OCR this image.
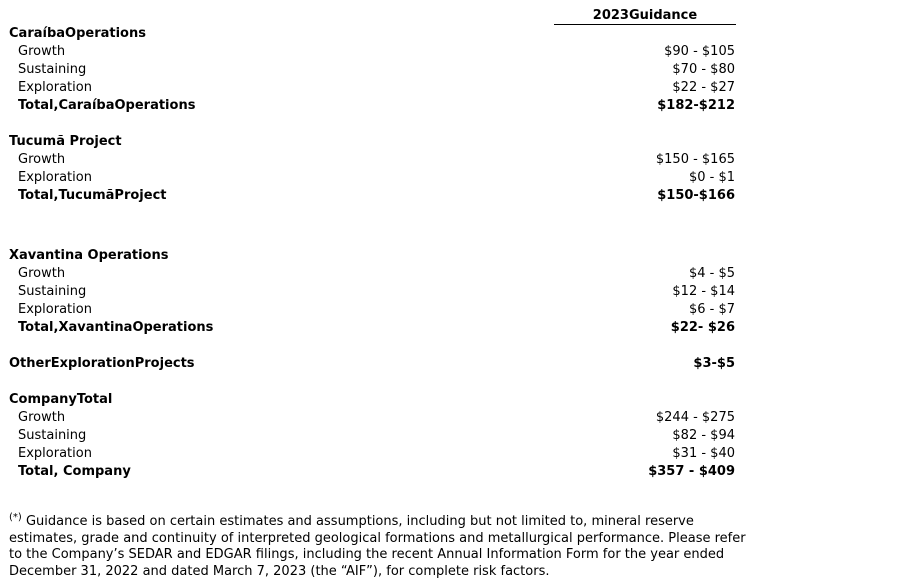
2023Guidance
CaraíbaOperations
Growth	$90 - $105
Sustaining	$70 - $80
Exploration	$22 - $27
Total,CaraíbaOperations	$182-$212
Tucumã Project
Growth	$150 - $165
Exploration	$0 - $1
Total,TucumãProject	$150-$166
Xavantina Operations
Growth	$4 - $5
Sustaining	$12 - $14
Exploration	$6 - $7
Total,XavantinaOperations	$22- $26
OtherExplorationProjects	$3-$5
CompanyTotal
Growth	$244 - $275
Sustaining	$82 - $94
Exploration	$31 - $40
Total, Company	$357 - $409
(*) Guidance is based on certain estimates and assumptions, including but not limited to, mineral reserve estimates, grade and continuity of interpreted geological formations and metallurgical performance. Please refer to the Company’s SEDAR and EDGAR filings, including the recent Annual Information Form for the year ended December 31, 2022 and dated March 7, 2023 (the “AIF”), for complete risk factors.
